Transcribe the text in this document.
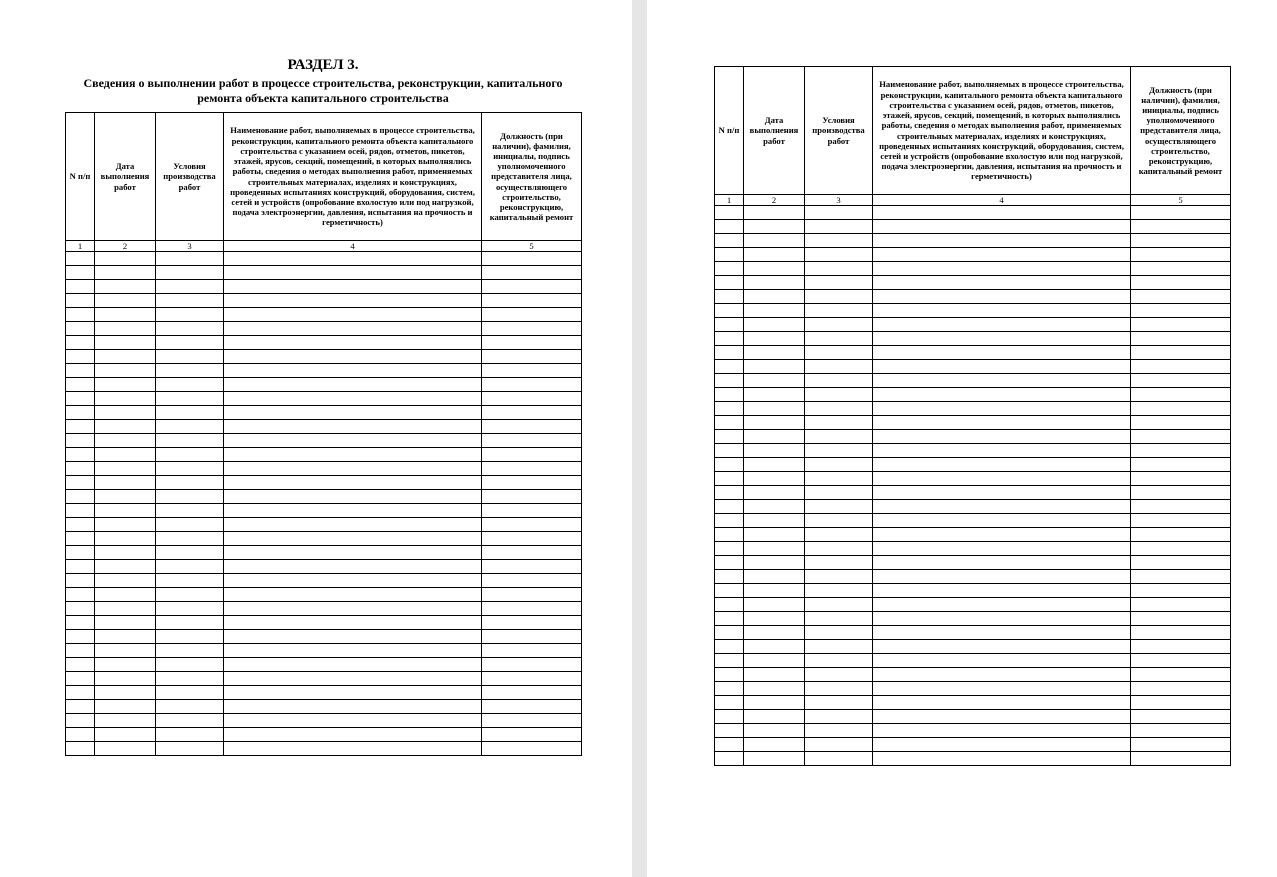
РАЗДЕЛ 3.
Сведения о выполнении работ в процессе строительства, реконструкции, капитального ремонта объекта капитального строительства
N п/п	Дата выполнения работ	Условия производства работ	Наименование работ, выполняемых в процессе строительства, реконструкции, капитального ремонта объекта капитального строительства с указанием осей, рядов, отметов, пикетов, этажей, ярусов, секций, помещений, в которых выполнялись работы, сведения о методах выполнения работ, применяемых строительных материалах, изделиях и конструкциях, проведенных испытаниях конструкций, оборудования, систем, сетей и устройств (опробование вхолостую или под нагрузкой, подача электроэнергии, давления, испытания на прочность и герметичность)	Должность (при наличии), фамилия, инициалы, подпись уполномоченного представителя лица, осуществляющего строительство, реконструкцию, капитальный ремонт
1	2	3	4	5

N п/п	Дата выполнения работ	Условия производства работ	Наименование работ, выполняемых в процессе строительства, реконструкции, капитального ремонта объекта капитального строительства с указанием осей, рядов, отметов, пикетов, этажей, ярусов, секций, помещений, в которых выполнялись работы, сведения о методах выполнения работ, применяемых строительных материалах, изделиях и конструкциях, проведенных испытаниях конструкций, оборудования, систем, сетей и устройств (опробование вхолостую или под нагрузкой, подача электроэнергии, давления, испытания на прочность и герметичность)	Должность (при наличии), фамилия, инициалы, подпись уполномоченного представителя лица, осуществляющего строительство, реконструкцию, капитальный ремонт
1	2	3	4	5
